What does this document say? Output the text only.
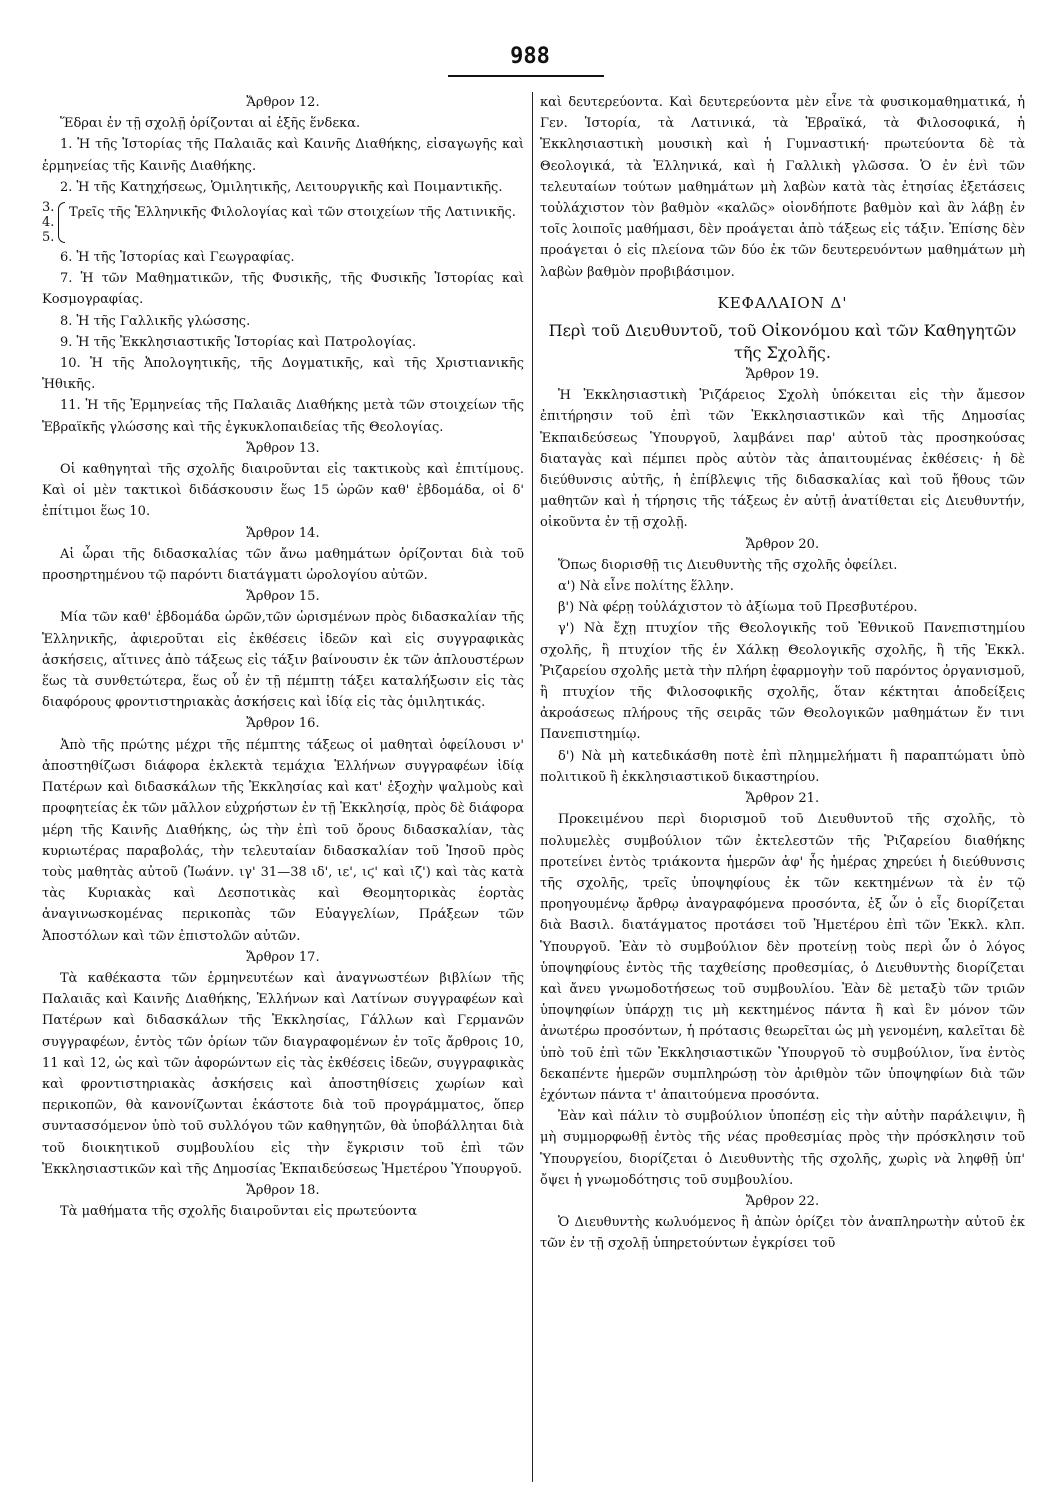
988
Ἄρθρον 12.

Ἕδραι ἐν τῇ σχολῇ ὁρίζονται αἱ ἑξῆς ἕνδεκα.

1. Ἡ τῆς Ἱστορίας τῆς Παλαιᾶς καὶ Καινῆς Διαθήκης, εἰσαγωγῆς καὶ ἑρμηνείας τῆς Καινῆς Διαθήκης.

2. Ἡ τῆς Κατηχήσεως, Ὁμιλητικῆς, Λειτουργικῆς καὶ Ποιμαντικῆς.

3.
4.
5.
Τρεῖς τῆς Ἑλληνικῆς Φιλολογίας καὶ τῶν στοιχείων τῆς Λατινικῆς.

6. Ἡ τῆς Ἱστορίας καὶ Γεωγραφίας.

7. Ἡ τῶν Μαθηματικῶν, τῆς Φυσικῆς, τῆς Φυσικῆς Ἱστορίας καὶ Κοσμογραφίας.

8. Ἡ τῆς Γαλλικῆς γλώσσης.

9. Ἡ τῆς Ἐκκλησιαστικῆς Ἱστορίας καὶ Πατρολογίας.

10. Ἡ τῆς Ἀπολογητικῆς, τῆς Δογματικῆς, καὶ τῆς Χριστιανικῆς Ἠθικῆς.

11. Ἡ τῆς Ἑρμηνείας τῆς Παλαιᾶς Διαθήκης μετὰ τῶν στοιχείων τῆς Ἑβραϊκῆς γλώσσης καὶ τῆς ἐγκυκλοπαιδείας τῆς Θεολογίας.

Ἄρθρον 13.

Οἱ καθηγηταὶ τῆς σχολῆς διαιροῦνται εἰς τακτικοὺς καὶ ἐπιτίμους. Καὶ οἱ μὲν τακτικοὶ διδάσκουσιν ἕως 15 ὡρῶν καθ' ἑβδομάδα, οἱ δ' ἐπίτιμοι ἕως 10.

Ἄρθρον 14.

Αἱ ὧραι τῆς διδασκαλίας τῶν ἄνω μαθημάτων ὁρίζονται διὰ τοῦ προσηρτημένου τῷ παρόντι διατάγματι ὡρολογίου αὐτῶν.

Ἄρθρον 15.

Μία τῶν καθ' ἑβδομάδα ὡρῶν,τῶν ὡρισμένων πρὸς διδασκαλίαν τῆς Ἑλληνικῆς, ἀφιεροῦται εἰς ἐκθέσεις ἰδεῶν καὶ εἰς συγγραφικὰς ἀσκήσεις, αἵτινες ἀπὸ τάξεως εἰς τάξιν βαίνουσιν ἐκ τῶν ἁπλουστέρων ἕως τὰ συνθετώτερα, ἕως οὗ ἐν τῇ πέμπτῃ τάξει καταλήξωσιν εἰς τὰς διαφόρους φροντιστηριακὰς ἀσκήσεις καὶ ἰδίᾳ εἰς τὰς ὁμιλητικάς.

Ἄρθρον 16.

Ἀπὸ τῆς πρώτης μέχρι τῆς πέμπτης τάξεως οἱ μαθηταὶ ὀφείλουσι ν' ἀποστηθίζωσι διάφορα ἐκλεκτὰ τεμάχια Ἑλλήνων συγγραφέων ἰδίᾳ Πατέρων καὶ διδασκάλων τῆς Ἐκκλησίας καὶ κατ' ἐξοχὴν ψαλμοὺς καὶ προφητείας ἐκ τῶν μᾶλλον εὐχρήστων ἐν τῇ Ἐκκλησίᾳ, πρὸς δὲ διάφορα μέρη τῆς Καινῆς Διαθήκης, ὡς τὴν ἐπὶ τοῦ ὄρους διδασκαλίαν, τὰς κυριωτέρας παραβολάς, τὴν τελευταίαν διδασκαλίαν τοῦ Ἰησοῦ πρὸς τοὺς μαθητὰς αὐτοῦ (Ἰωάνν. ιγ' 31—38 ιδ', ιε', ιϛ' καὶ ιζ') καὶ τὰς κατὰ τὰς Κυριακὰς καὶ Δεσποτικὰς καὶ Θεομητορικὰς ἑορτὰς ἀναγινωσκομένας περικοπὰς τῶν Εὐαγγελίων, Πράξεων τῶν Ἀποστόλων καὶ τῶν ἐπιστολῶν αὐτῶν.

Ἄρθρον 17.

Τὰ καθέκαστα τῶν ἑρμηνευτέων καὶ ἀναγνωστέων βιβλίων τῆς Παλαιᾶς καὶ Καινῆς Διαθήκης, Ἑλλήνων καὶ Λατίνων συγγραφέων καὶ Πατέρων καὶ διδασκάλων τῆς Ἐκκλησίας, Γάλλων καὶ Γερμανῶν συγγραφέων, ἐντὸς τῶν ὁρίων τῶν διαγραφομένων ἐν τοῖς ἄρθροις 10, 11 καὶ 12, ὡς καὶ τῶν ἀφορώντων εἰς τὰς ἐκθέσεις ἰδεῶν, συγγραφικὰς καὶ φροντιστηριακὰς ἀσκήσεις καὶ ἀποστηθίσεις χωρίων καὶ περικοπῶν, θὰ κανονίζωνται ἑκάστοτε διὰ τοῦ προγράμματος, ὅπερ συντασσόμενον ὑπὸ τοῦ συλλόγου τῶν καθηγητῶν, θὰ ὑποβάλληται διὰ τοῦ διοικητικοῦ συμβουλίου εἰς τὴν ἔγκρισιν τοῦ ἐπὶ τῶν Ἐκκλησιαστικῶν καὶ τῆς Δημοσίας Ἐκπαιδεύσεως Ἡμετέρου Ὑπουργοῦ.

Ἄρθρον 18.

Τὰ μαθήματα τῆς σχολῆς διαιροῦνται εἰς πρωτεύοντα

καὶ δευτερεύοντα. Καὶ δευτερεύοντα μὲν εἶνε τὰ φυσικομαθηματικά, ἡ Γεν. Ἱστορία, τὰ Λατινικά, τὰ Ἑβραϊκά, τὰ Φιλοσοφικά, ἡ Ἐκκλησιαστικὴ μουσικὴ καὶ ἡ Γυμναστική· πρωτεύοντα δὲ τὰ Θεολογικά, τὰ Ἑλληνικά, καὶ ἡ Γαλλικὴ γλῶσσα. Ὁ ἐν ἑνὶ τῶν τελευταίων τούτων μαθημάτων μὴ λαβὼν κατὰ τὰς ἐτησίας ἐξετάσεις τοὐλάχιστον τὸν βαθμὸν «καλῶς» οἱονδήποτε βαθμὸν καὶ ἂν λάβῃ ἐν τοῖς λοιποῖς μαθήμασι, δὲν προάγεται ἀπὸ τάξεως εἰς τάξιν. Ἐπίσης δὲν προάγεται ὁ εἰς πλείονα τῶν δύο ἐκ τῶν δευτερευόντων μαθημάτων μὴ λαβὼν βαθμὸν προβιβάσιμον.

ΚΕΦΑΛΑΙΟΝ Δ'
Περὶ τοῦ Διευθυντοῦ, τοῦ Οἰκονόμου καὶ τῶν Καθηγητῶν τῆς Σχολῆς.
Ἄρθρον 19.

Ἡ Ἐκκλησιαστικὴ Ῥιζάρειος Σχολὴ ὑπόκειται εἰς τὴν ἄμεσον ἐπιτήρησιν τοῦ ἐπὶ τῶν Ἐκκλησιαστικῶν καὶ τῆς Δημοσίας Ἐκπαιδεύσεως Ὑπουργοῦ, λαμβάνει παρ' αὐτοῦ τὰς προσηκούσας διαταγὰς καὶ πέμπει πρὸς αὐτὸν τὰς ἀπαιτουμένας ἐκθέσεις· ἡ δὲ διεύθυνσις αὐτῆς, ἡ ἐπίβλεψις τῆς διδασκαλίας καὶ τοῦ ἤθους τῶν μαθητῶν καὶ ἡ τήρησις τῆς τάξεως ἐν αὐτῇ ἀνατίθεται εἰς Διευθυντήν, οἰκοῦντα ἐν τῇ σχολῇ.

Ἄρθρον 20.

Ὅπως διορισθῇ τις Διευθυντὴς τῆς σχολῆς ὀφείλει.

α') Νὰ εἶνε πολίτης ἕλλην.

β') Νὰ φέρῃ τοὐλάχιστον τὸ ἀξίωμα τοῦ Πρεσβυτέρου.

γ') Νὰ ἔχῃ πτυχίον τῆς Θεολογικῆς τοῦ Ἐθνικοῦ Πανεπιστημίου σχολῆς, ἢ πτυχίον τῆς ἐν Χάλκῃ Θεολογικῆς σχολῆς, ἢ τῆς Ἐκκλ. Ῥιζαρείου σχολῆς μετὰ τὴν πλήρη ἐφαρμογὴν τοῦ παρόντος ὀργανισμοῦ, ἢ πτυχίον τῆς Φιλοσοφικῆς σχολῆς, ὅταν κέκτηται ἀποδείξεις ἀκροάσεως πλήρους τῆς σειρᾶς τῶν Θεολογικῶν μαθημάτων ἔν τινι Πανεπιστημίῳ.

δ') Νὰ μὴ κατεδικάσθη ποτὲ ἐπὶ πλημμελήματι ἢ παραπτώματι ὑπὸ πολιτικοῦ ἢ ἐκκλησιαστικοῦ δικαστηρίου.

Ἄρθρον 21.

Προκειμένου περὶ διορισμοῦ τοῦ Διευθυντοῦ τῆς σχολῆς, τὸ πολυμελὲς συμβούλιον τῶν ἐκτελεστῶν τῆς Ῥιζαρείου διαθήκης προτείνει ἐντὸς τριάκοντα ἡμερῶν ἀφ' ἧς ἡμέρας χηρεύει ἡ διεύθυνσις τῆς σχολῆς, τρεῖς ὑποψηφίους ἐκ τῶν κεκτημένων τὰ ἐν τῷ προηγουμένῳ ἄρθρῳ ἀναγραφόμενα προσόντα, ἐξ ὧν ὁ εἷς διορίζεται διὰ Βασιλ. διατάγματος προτάσει τοῦ Ἡμετέρου ἐπὶ τῶν Ἐκκλ. κλπ. Ὑπουργοῦ. Ἐὰν τὸ συμβούλιον δὲν προτείνῃ τοὺς περὶ ὧν ὁ λόγος ὑποψηφίους ἐντὸς τῆς ταχθείσης προθεσμίας, ὁ Διευθυντὴς διορίζεται καὶ ἄνευ γνωμοδοτήσεως τοῦ συμβουλίου. Ἐὰν δὲ μεταξὺ τῶν τριῶν ὑποψηφίων ὑπάρχῃ τις μὴ κεκτημένος πάντα ἢ καὶ ἓν μόνον τῶν ἀνωτέρω προσόντων, ἡ πρότασις θεωρεῖται ὡς μὴ γενομένη, καλεῖται δὲ ὑπὸ τοῦ ἐπὶ τῶν Ἐκκλησιαστικῶν Ὑπουργοῦ τὸ συμβούλιον, ἵνα ἐντὸς δεκαπέντε ἡμερῶν συμπληρώσῃ τὸν ἀριθμὸν τῶν ὑποψηφίων διὰ τῶν ἐχόντων πάντα τ' ἀπαιτούμενα προσόντα.

Ἐὰν καὶ πάλιν τὸ συμβούλιον ὑποπέσῃ εἰς τὴν αὐτὴν παράλειψιν, ἢ μὴ συμμορφωθῇ ἐντὸς τῆς νέας προθεσμίας πρὸς τὴν πρόσκλησιν τοῦ Ὑπουργείου, διορίζεται ὁ Διευθυντὴς τῆς σχολῆς, χωρὶς νὰ ληφθῇ ὑπ' ὄψει ἡ γνωμοδότησις τοῦ συμβουλίου.

Ἄρθρον 22.

Ὁ Διευθυντὴς κωλυόμενος ἢ ἀπὼν ὁρίζει τὸν ἀναπληρωτὴν αὐτοῦ ἐκ τῶν ἐν τῇ σχολῇ ὑπηρετούντων ἐγκρίσει τοῦ
